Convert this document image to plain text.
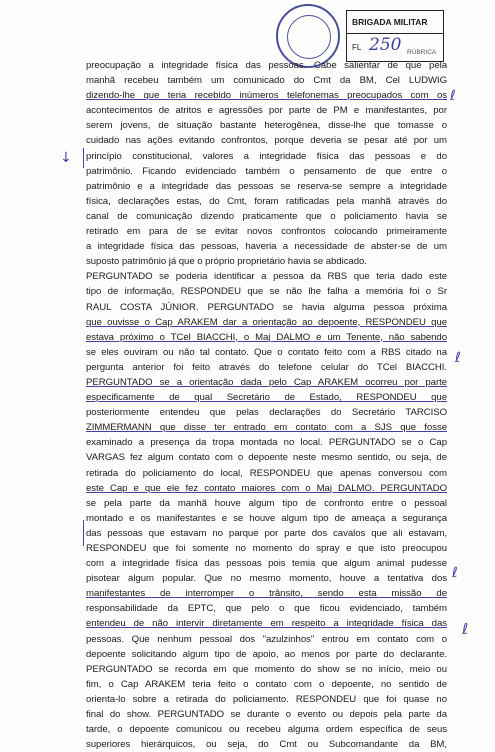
BRIGADA MILITAR
FL 250 RÚBRICA
ℓ
↓
ℓ
ℓ
ℓ
preocupação a integridade física das pessoas. Cabe salientar de que pela
manhã recebeu também um comunicado do Cmt da BM, Cel LUDWIG
dizendo-lhe que teria recebido inúmeros telefonemas preocupados com os
acontecimentos de atritos e agressões por parte de PM e manifestantes, por
serem jovens, de situação bastante heterogênea, disse-lhe que tomasse o
cuidado nas ações evitando confrontos, porque deveria se pesar até por um
princípio constitucional, valores a integridade física das pessoas e do
patrimônio. Ficando evidenciado também o pensamento de que entre o
patrimônio e a integridade das pessoas se reserva-se sempre a integridade
física, declarações estas, do Cmt, foram ratificadas pela manhã através do
canal de comunicação dizendo praticamente que o policiamento havia se
retirado em para de se evitar novos confrontos colocando primeiramente
a integridade física das pessoas, haveria a necessidade de abster-se de um
suposto patrimônio já que o próprio proprietário havia se abdicado.
PERGUNTADO se poderia identificar a pessoa da RBS que teria dado este
tipo de informação, RESPONDEU que se não lhe falha a memória foi o Sr
RAUL COSTA JÚNIOR. PERGUNTADO se havia alguma pessoa próxima
que ouvisse o Cap ARAKEM dar a orientação ao depoente, RESPONDEU que
estava próximo o TCel BIACCHI, o Maj DALMO e um Tenente, não sabendo
se eles ouviram ou não tal contato. Que o contato feito com a RBS citado na
pergunta anterior foi feito através do telefone celular do TCel BIACCHI.
PERGUNTADO se a orientação dada pelo Cap ARAKEM ocorreu por parte
especificamente de qual Secretário de Estado, RESPONDEU que
posteriormente entendeu que pelas declarações do Secretário TARCISO
ZIMMERMANN que disse ter entrado em contato com a SJS que fosse
examinado a presença da tropa montada no local. PERGUNTADO se o Cap
VARGAS fez algum contato com o depoente neste mesmo sentido, ou seja, de
retirada do policiamento do local, RESPONDEU que apenas conversou com
este Cap e que ele fez contato maiores com o Maj DALMO. PERGUNTADO
se pela parte da manhã houve algum tipo de confronto entre o pessoal
montado e os manifestantes e se houve algum tipo de ameaça a segurança
das pessoas que estavam no parque por parte dos cavalos que ali estavam,
RESPONDEU que foi somente no momento do spray e que isto preocupou
com a integridade física das pessoas pois temia que algum animal pudesse
pisotear algum popular. Que no mesmo momento, houve a tentativa dos
manifestantes de interromper o trânsito, sendo esta missão de
responsabilidade da EPTC, que pelo o que ficou evidenciado, também
entendeu de não intervir diretamente em respeito a integridade física das
pessoas. Que nenhum pessoal dos "azulzinhos" entrou em contato com o
depoente solicitando algum tipo de apoio, ao menos por parte do declarante.
PERGUNTADO se recorda em que momento do show se no início, meio ou
fim, o Cap ARAKEM teria feito o contato com o depoente, no sentido de
orienta-lo sobre a retirada do policiamento. RESPONDEU que foi quase no
final do show. PERGUNTADO se durante o evento ou depois pela parte da
tarde, o depoente comunicou ou recebeu alguma ordem específica de seus
superiores hierárquicos, ou seja, do Cmt ou Subcomandante da BM,
